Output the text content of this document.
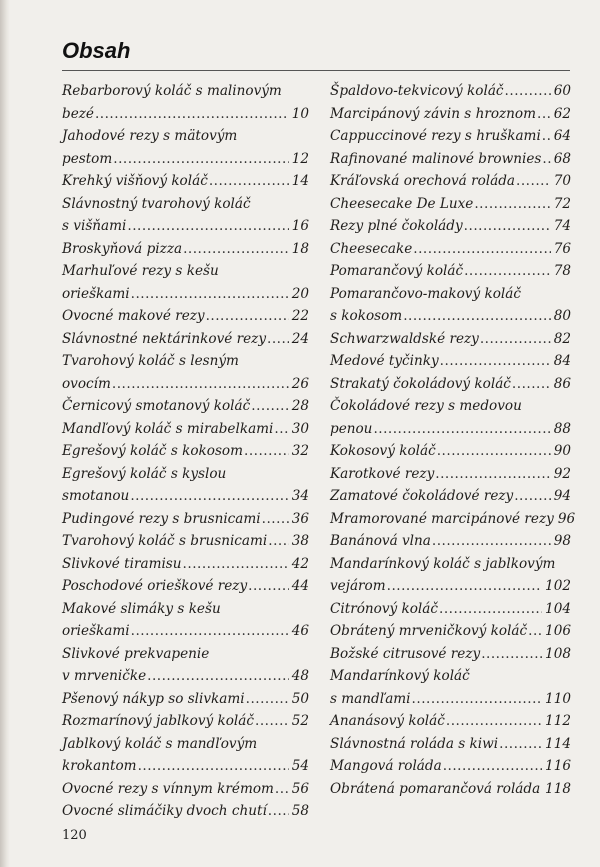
Obsah
Rebarborový koláč s malinovým
bezé .....	10
Jahodové rezy s mätovým
pestom .....	12
Krehký višňový koláč .....	14
Slávnostný tvarohový koláč
s višňami .....	16
Broskyňová pizza .....	18
Marhuľové rezy s kešu
orieškami .....	20
Ovocné makové rezy .....	22
Slávnostné nektárinkové rezy ..... 24
Tvarohový koláč s lesným
ovocím .....	26
Černicový smotanový koláč .....	28
Mandľový koláč s mirabelkami ..... 30
Egrešový koláč s kokosom .....	32
Egrešový koláč s kyslou
smotanou .....	34
Pudingové rezy s brusnicami ..... 36
Tvarohový koláč s brusnicami ..... 38
Slivkové tiramisu .....	42
Poschodové orieškové rezy .....	44
Makové slimáky s kešu
orieškami .....	46
Slivkové prekvapenie
v mrveničke .....	48
Pšenový nákyp so slivkami .....	50
Rozmarínový jablkový koláč .....	52
Jablkový koláč s mandľovým
krokantom .....	54
Ovocné rezy s vínnym krémom ..... 56
Ovocné slimáčiky dvoch chutí ..... 58
Špaldovo-tekvicový koláč .....	60
Marcipánový závin s hroznom ..... 62
Cappuccinové rezy s hruškami ..... 64
Rafinované malinové brownies ..... 68
Kráľovská orechová roláda .....	70
Cheesecake De Luxe .....	72
Rezy plné čokolády .....	74
Cheesecake .....	76
Pomarančový koláč .....	78
Pomarančovo-makový koláč
s kokosom .....	80
Schwarzwaldské rezy .....	82
Medové tyčinky .....	84
Strakatý čokoládový koláč .....	86
Čokoládové rezy s medovou
penou .....	88
Kokosový koláč .....	90
Karotkové rezy .....	92
Zamatové čokoládové rezy .....	94
Mramorované marcipánové rezy 96
Banánová vlna .....	98
Mandarínkový koláč s jablkovým
vejárom .....	102
Citrónový koláč .....	104
Obrátený mrveničkový koláč ..... 106
Božské citrusové rezy .....	108
Mandarínkový koláč
s mandľami .....	110
Ananásový koláč .....	112
Slávnostná roláda s kiwi .....	114
Mangová roláda .....	116
Obrátená pomarančová roláda ..... 118
120
